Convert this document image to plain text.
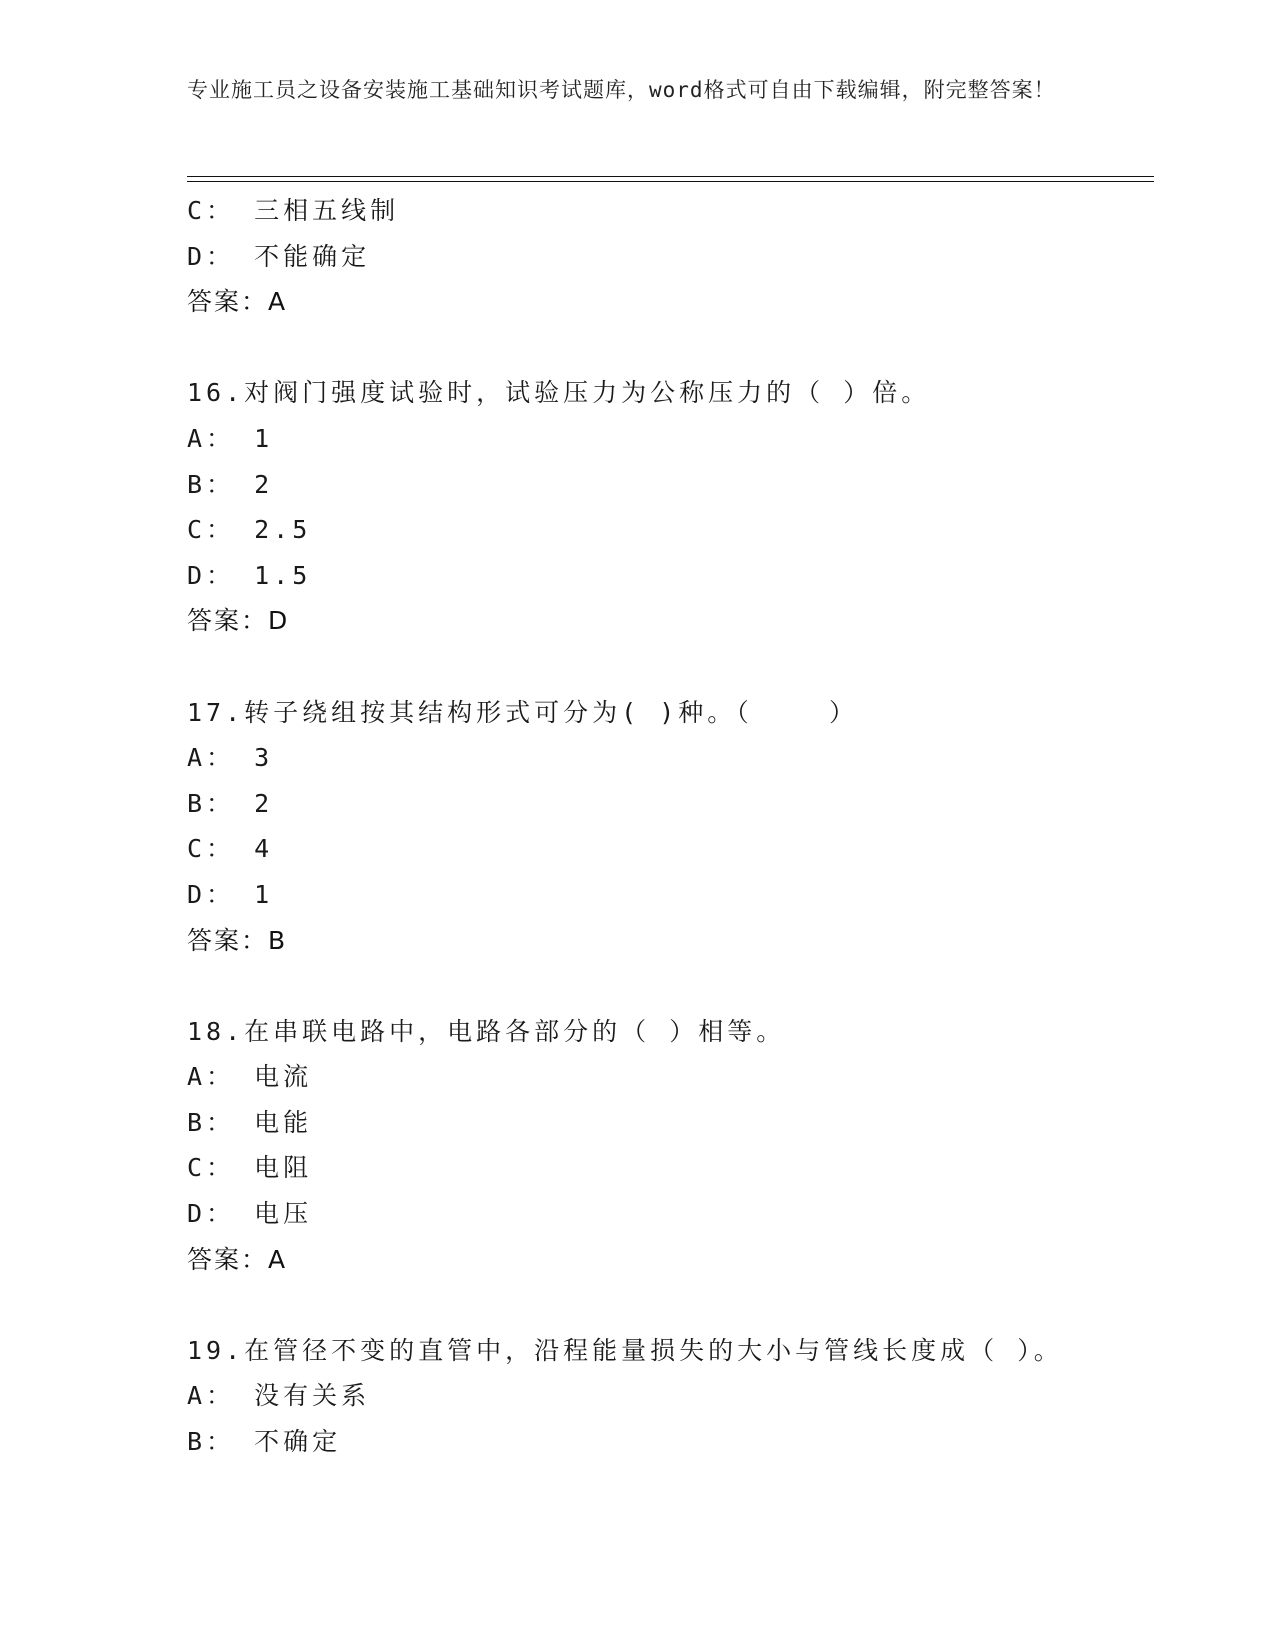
专业施工员之设备安装施工基础知识考试题库，word格式可自由下载编辑，附完整答案！
C： 三相五线制
D： 不能确定
答案：A
16.对阀门强度试验时，试验压力为公称压力的（ ）倍。
A： 1
B： 2
C： 2.5
D： 1.5
答案：D
17.转子绕组按其结构形式可分为( )种。（    ）
A： 3
B： 2
C： 4
D： 1
答案：B
18.在串联电路中，电路各部分的（ ）相等。
A： 电流
B： 电能
C： 电阻
D： 电压
答案：A
19.在管径不变的直管中，沿程能量损失的大小与管线长度成（ ）。
A： 没有关系
B： 不确定
